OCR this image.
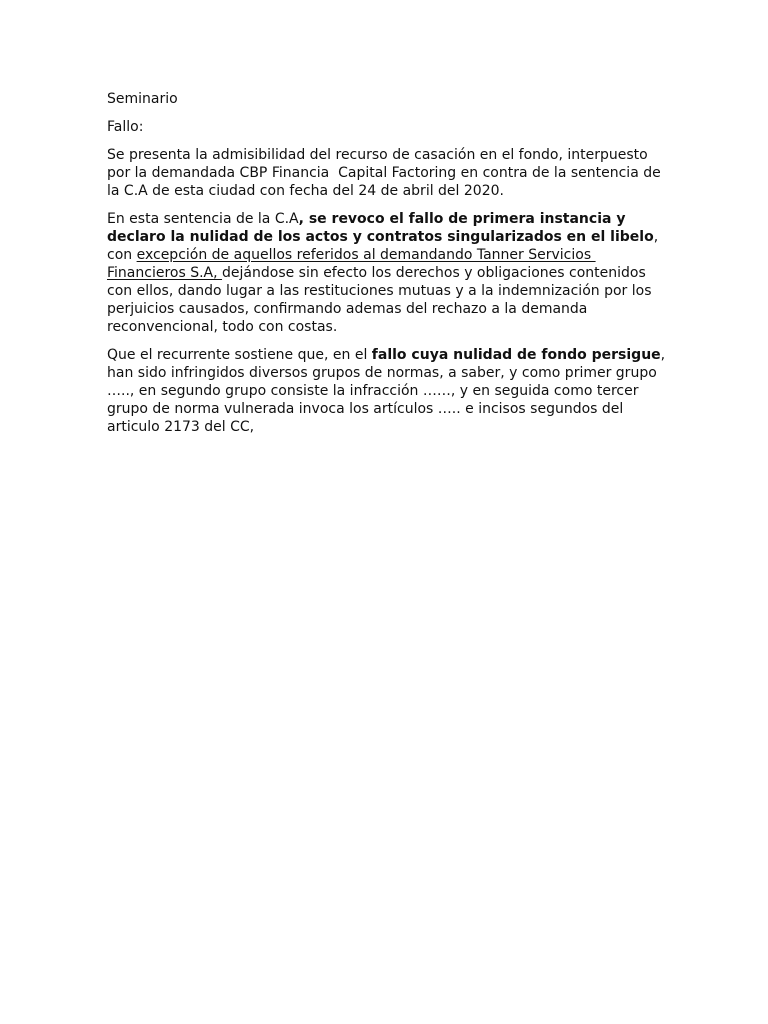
Seminario

Fallo:

Se presenta la admisibilidad del recurso de casación en el fondo, interpuesto
por la demandada CBP Financia  Capital Factoring en contra de la sentencia de
la C.A de esta ciudad con fecha del 24 de abril del 2020.

En esta sentencia de la C.A, se revoco el fallo de primera instancia y
declaro la nulidad de los actos y contratos singularizados en el libelo,
con excepción de aquellos referidos al demandando Tanner Servicios
Financieros S.A, dejándose sin efecto los derechos y obligaciones contenidos
con ellos, dando lugar a las restituciones mutuas y a la indemnización por los
perjuicios causados, confirmando ademas del rechazo a la demanda
reconvencional, todo con costas.

Que el recurrente sostiene que, en el fallo cuya nulidad de fondo persigue,
han sido infringidos diversos grupos de normas, a saber, y como primer grupo
….., en segundo grupo consiste la infracción ……, y en seguida como tercer
grupo de norma vulnerada invoca los artículos ….. e incisos segundos del
articulo 2173 del CC,
